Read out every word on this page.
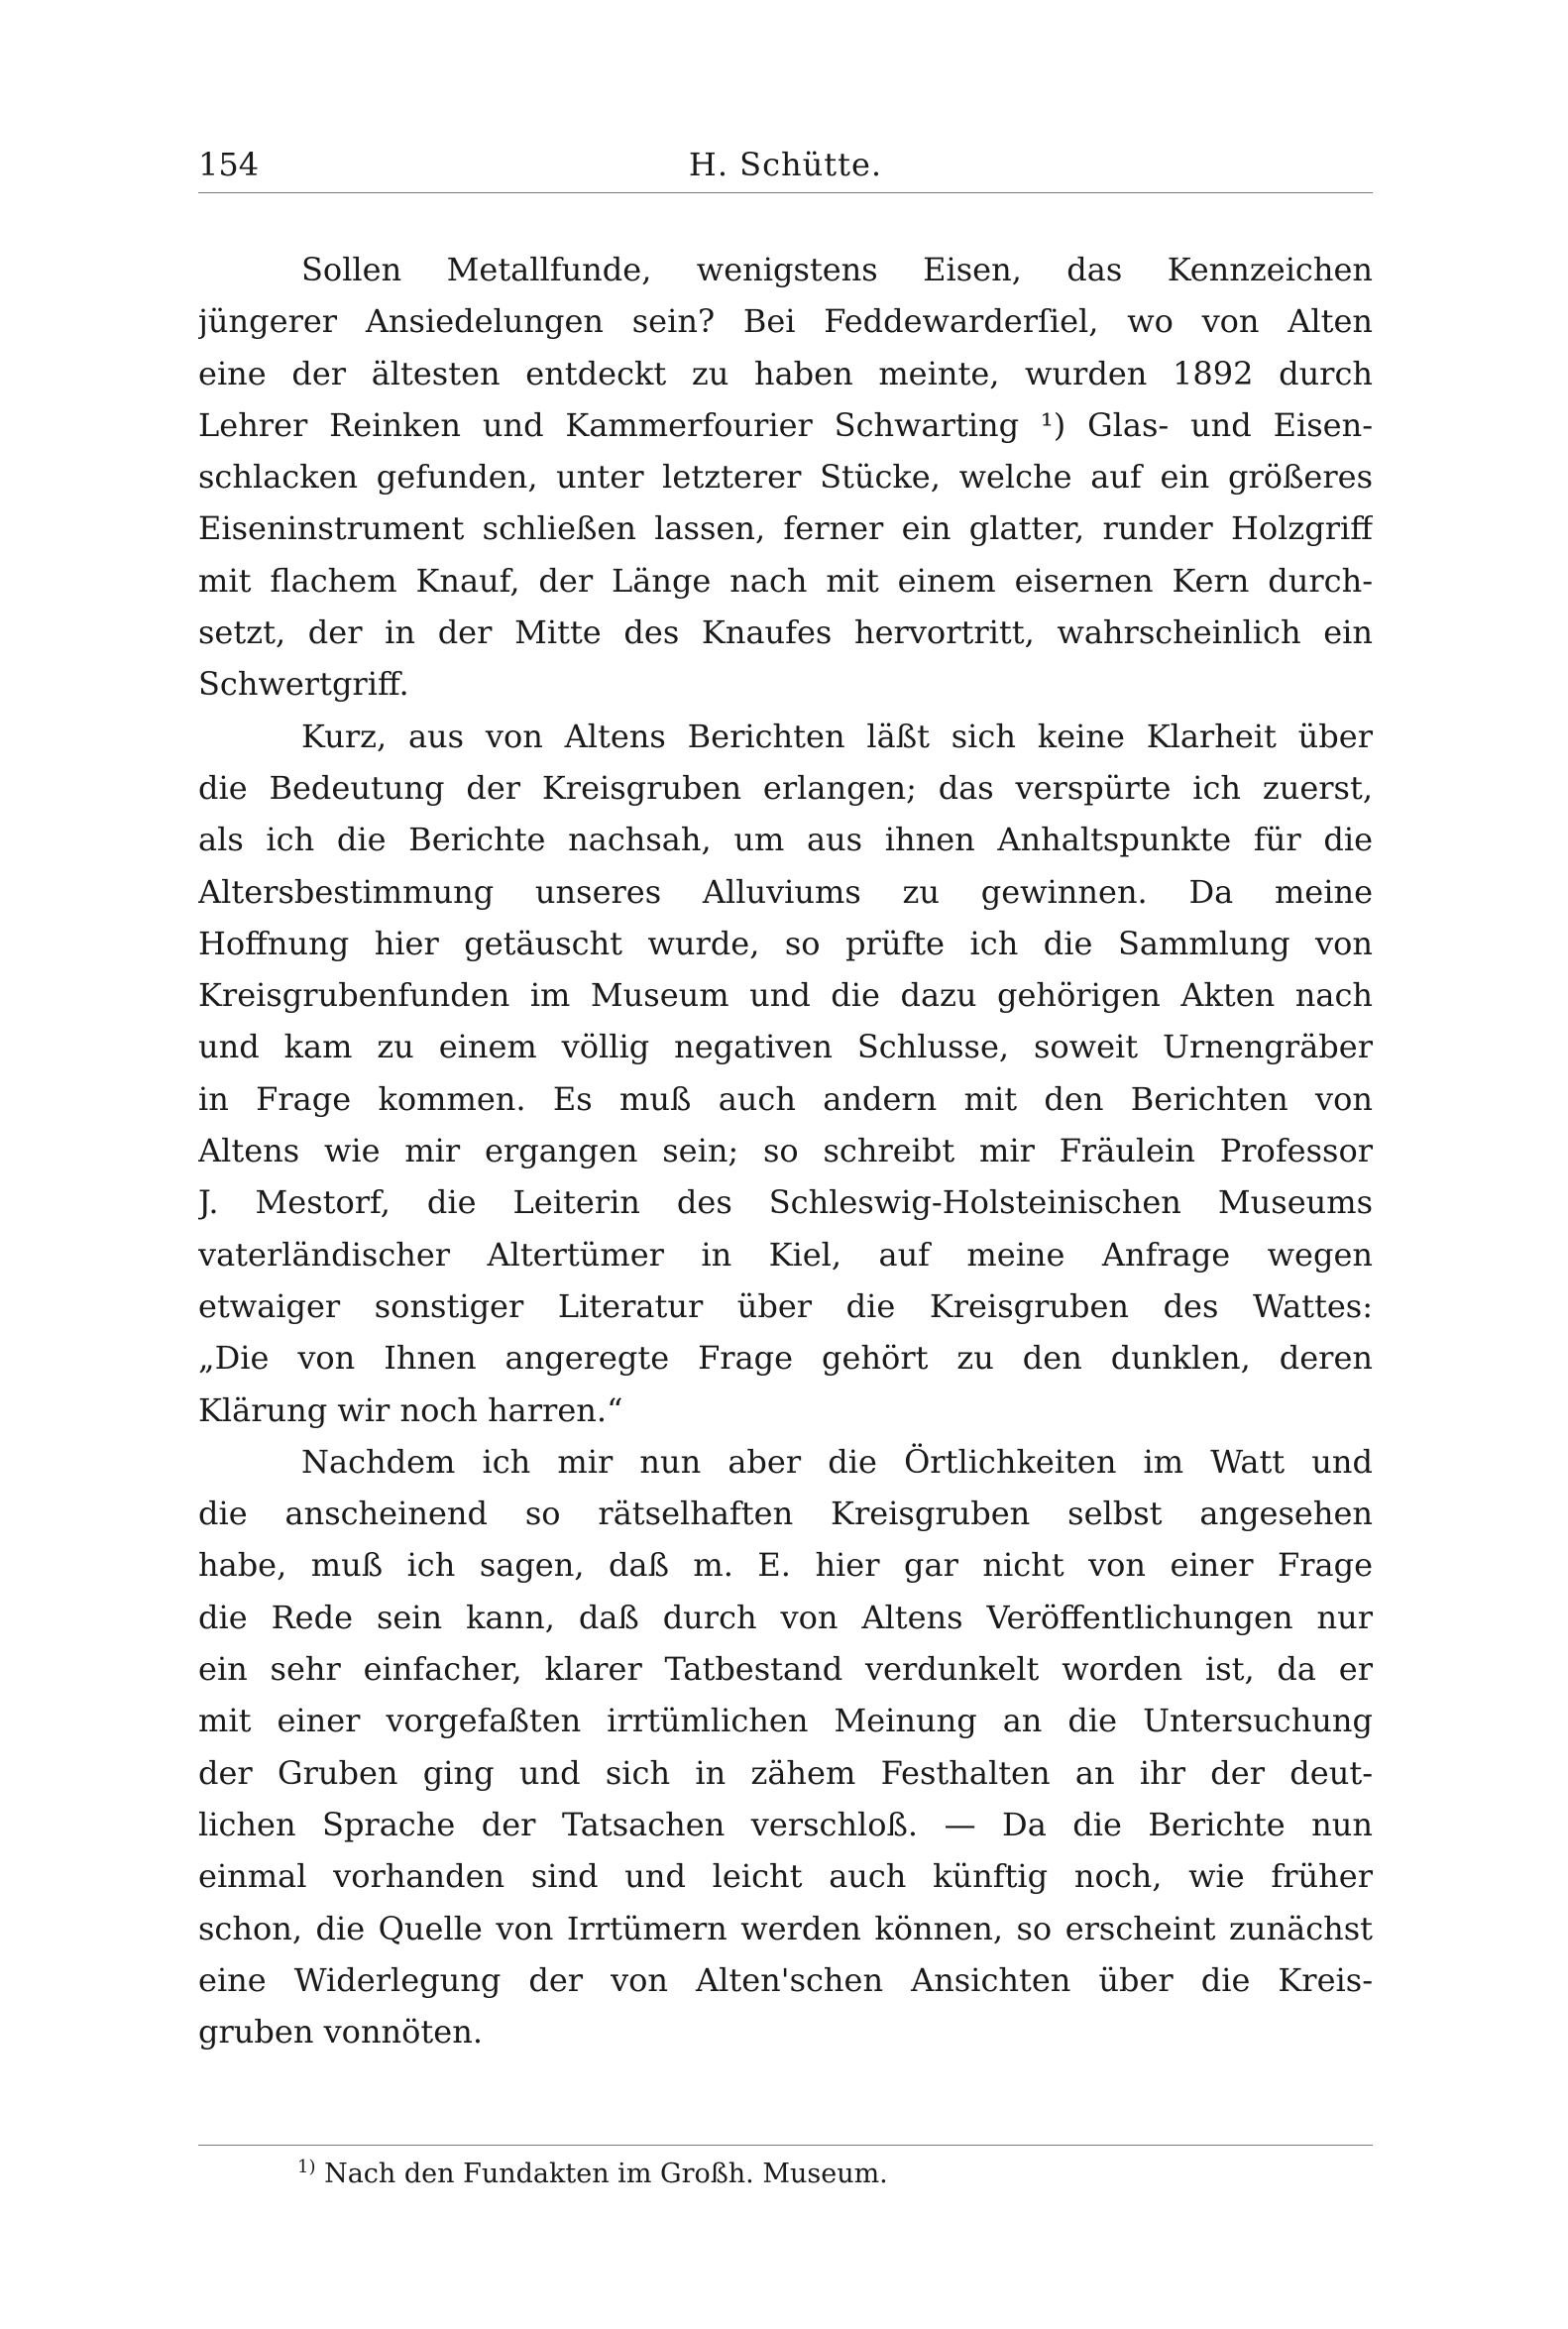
154	H. Schütte.
Sollen Metallfunde, wenigstens Eisen, das Kennzeichen
jüngerer Ansiedelungen sein? Bei Feddewarderſiel, wo von Alten
eine der ältesten entdeckt zu haben meinte, wurden 1892 durch
Lehrer Reinken und Kammerfourier Schwarting ¹) Glas- und Eisen-
schlacken gefunden, unter letzterer Stücke, welche auf ein größeres
Eiseninstrument schließen lassen, ferner ein glatter, runder Holzgriff
mit flachem Knauf, der Länge nach mit einem eisernen Kern durch-
setzt, der in der Mitte des Knaufes hervortritt, wahrscheinlich ein
Schwertgriff.
Kurz, aus von Altens Berichten läßt sich keine Klarheit über
die Bedeutung der Kreisgruben erlangen; das verspürte ich zuerst,
als ich die Berichte nachsah, um aus ihnen Anhaltspunkte für die
Altersbestimmung unseres Alluviums zu gewinnen. Da meine
Hoffnung hier getäuscht wurde, so prüfte ich die Sammlung von
Kreisgrubenfunden im Museum und die dazu gehörigen Akten nach
und kam zu einem völlig negativen Schlusse, soweit Urnengräber
in Frage kommen. Es muß auch andern mit den Berichten von
Altens wie mir ergangen sein; so schreibt mir Fräulein Professor
J. Mestorf, die Leiterin des Schleswig-Holsteinischen Museums
vaterländischer Altertümer in Kiel, auf meine Anfrage wegen
etwaiger sonstiger Literatur über die Kreisgruben des Wattes:
„Die von Ihnen angeregte Frage gehört zu den dunklen, deren
Klärung wir noch harren.“
Nachdem ich mir nun aber die Örtlichkeiten im Watt und
die anscheinend so rätselhaften Kreisgruben selbst angesehen
habe, muß ich sagen, daß m. E. hier gar nicht von einer Frage
die Rede sein kann, daß durch von Altens Veröffentlichungen nur
ein sehr einfacher, klarer Tatbestand verdunkelt worden ist, da er
mit einer vorgefaßten irrtümlichen Meinung an die Untersuchung
der Gruben ging und sich in zähem Festhalten an ihr der deut-
lichen Sprache der Tatsachen verschloß. — Da die Berichte nun
einmal vorhanden sind und leicht auch künftig noch, wie früher
schon, die Quelle von Irrtümern werden können, so erscheint zunächst
eine Widerlegung der von Alten'schen Ansichten über die Kreis-
gruben vonnöten.
$^{1)}$ Nach den Fundakten im Großh. Museum.
